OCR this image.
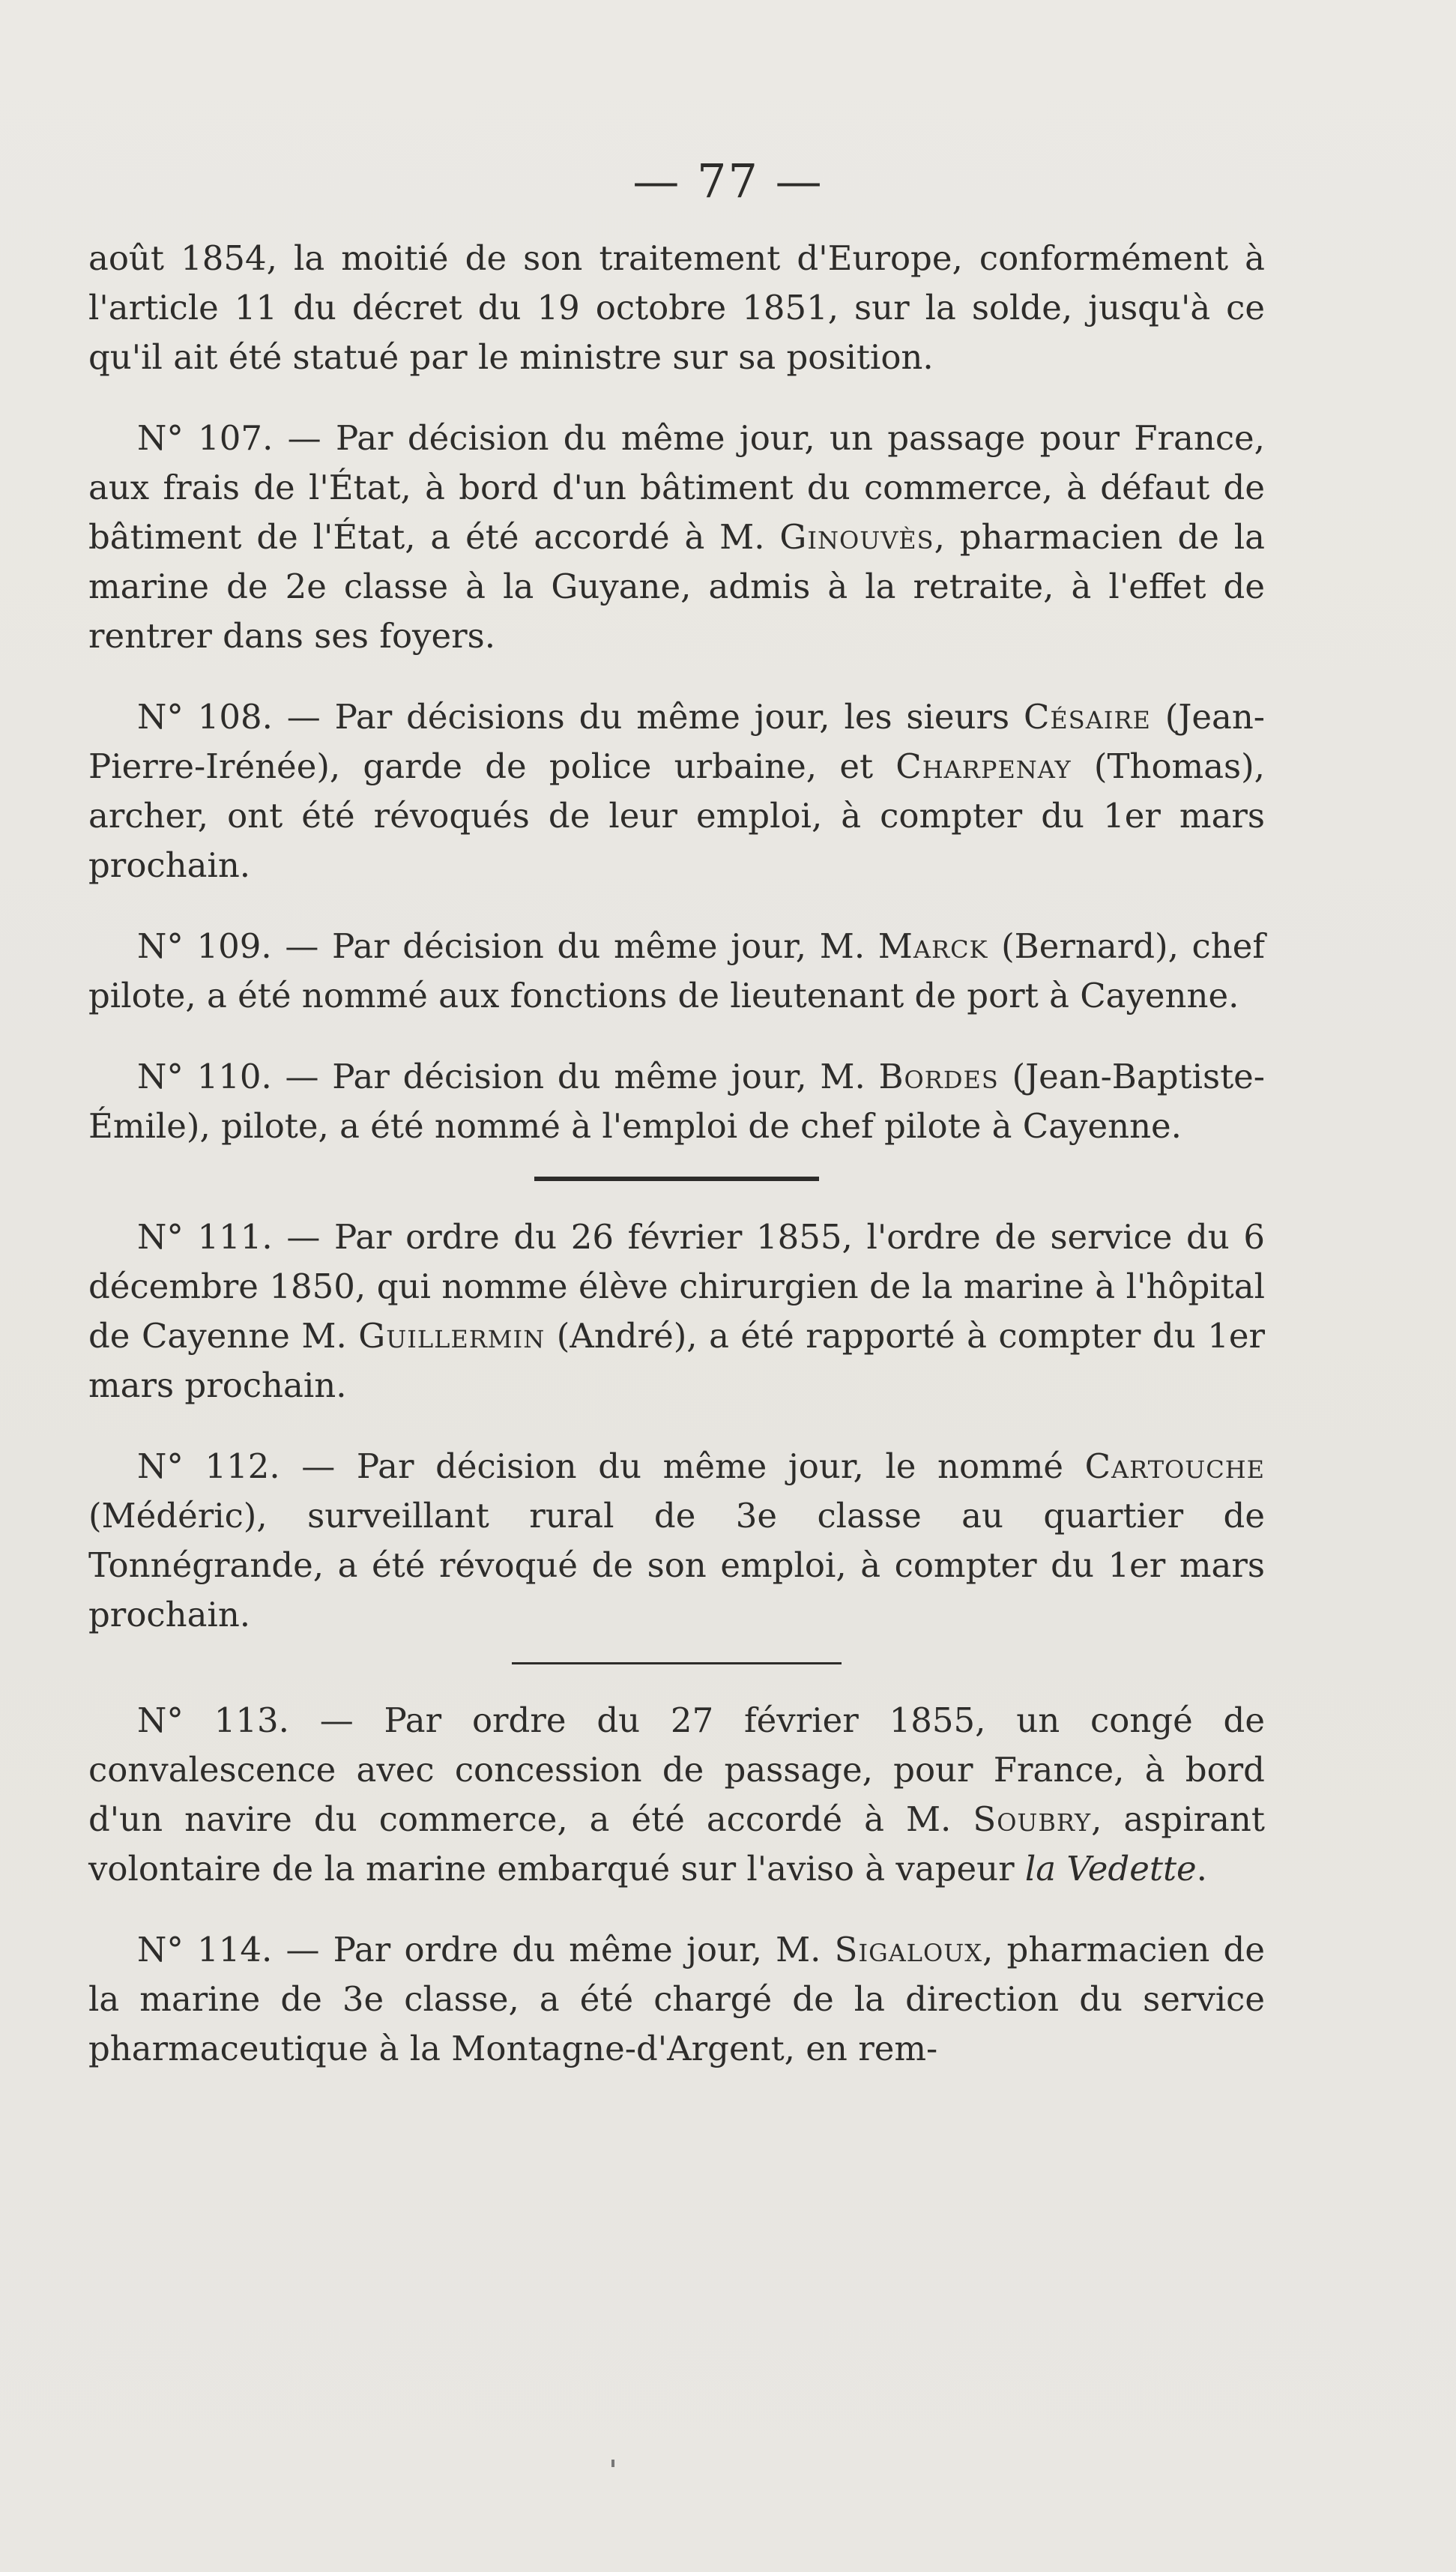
— 77 —

août 1854, la moitié de son traitement d'Europe, conformément à l'article 11 du décret du 19 octobre 1851, sur la solde, jusqu'à ce qu'il ait été statué par le ministre sur sa position.

N° 107. — Par décision du même jour, un passage pour France, aux frais de l'État, à bord d'un bâtiment du commerce, à défaut de bâtiment de l'État, a été accordé à M. Ginouvès, pharmacien de la marine de 2e classe à la Guyane, admis à la retraite, à l'effet de rentrer dans ses foyers.

N° 108. — Par décisions du même jour, les sieurs Césaire (Jean-Pierre-Irénée), garde de police urbaine, et Charpenay (Thomas), archer, ont été révoqués de leur emploi, à compter du 1er mars prochain.

N° 109. — Par décision du même jour, M. Marck (Bernard), chef pilote, a été nommé aux fonctions de lieutenant de port à Cayenne.

N° 110. — Par décision du même jour, M. Bordes (Jean-Baptiste-Émile), pilote, a été nommé à l'emploi de chef pilote à Cayenne.

N° 111. — Par ordre du 26 février 1855, l'ordre de service du 6 décembre 1850, qui nomme élève chirurgien de la marine à l'hôpital de Cayenne M. Guillermin (André), a été rapporté à compter du 1er mars prochain.

N° 112. — Par décision du même jour, le nommé Cartouche (Médéric), surveillant rural de 3e classe au quartier de Tonnégrande, a été révoqué de son emploi, à compter du 1er mars prochain.

N° 113. — Par ordre du 27 février 1855, un congé de convalescence avec concession de passage, pour France, à bord d'un navire du commerce, a été accordé à M. Soubry, aspirant volontaire de la marine embarqué sur l'aviso à vapeur la Vedette.

N° 114. — Par ordre du même jour, M. Sigaloux, pharmacien de la marine de 3e classe, a été chargé de la direction du service pharmaceutique à la Montagne-d'Argent, en rem-
